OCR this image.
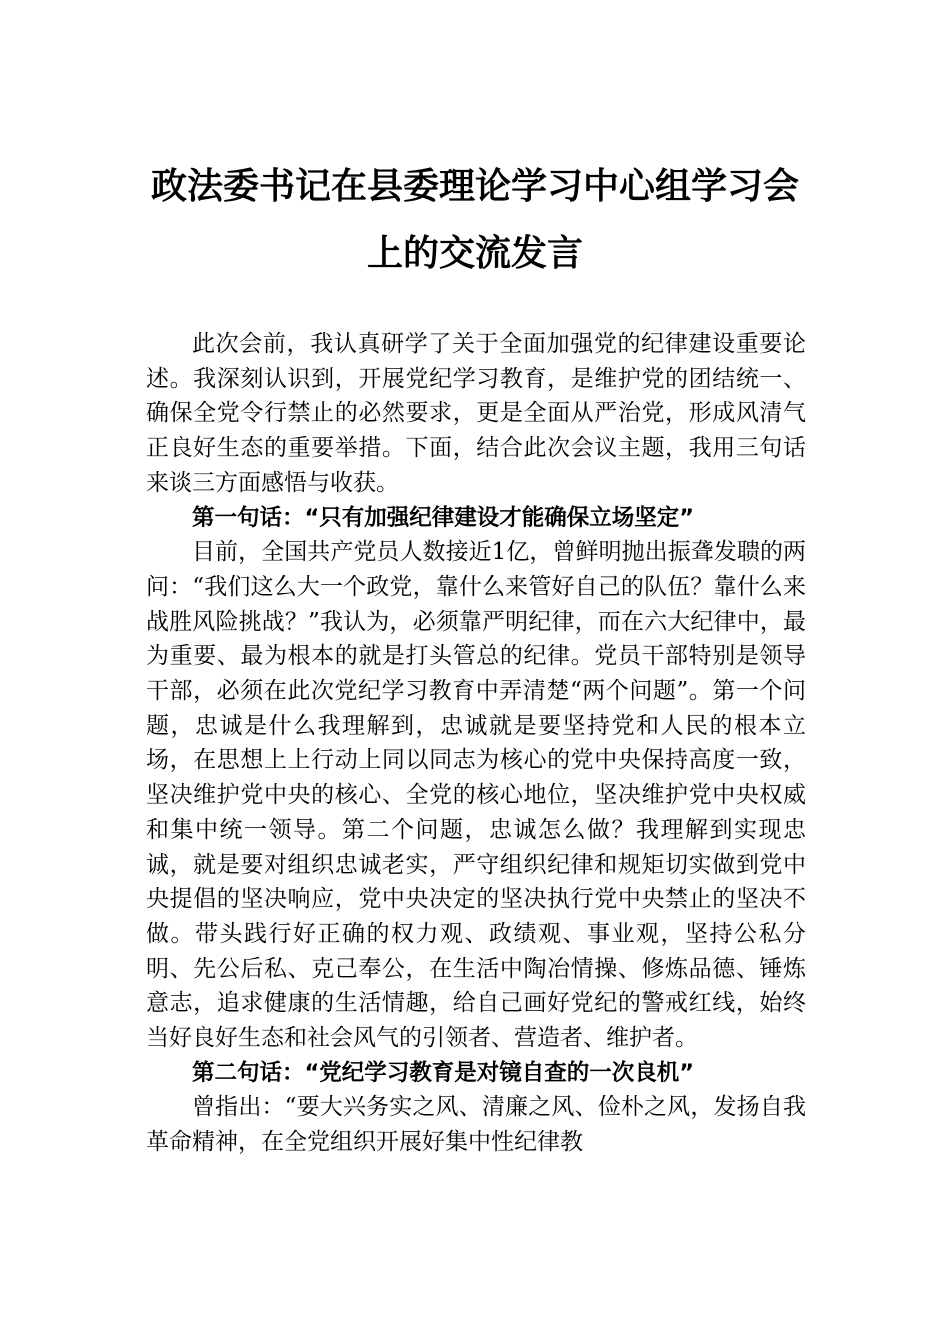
政法委书记在县委理论学习中心组学习会
上的交流发言

此次会前，我认真研学了关于全面加强党的纪律建设重要论述。我深刻认识到，开展党纪学习教育，是维护党的团结统一、确保全党令行禁止的必然要求，更是全面从严治党，形成风清气正良好生态的重要举措。下面，结合此次会议主题，我用三句话来谈三方面感悟与收获。

第一句话：“只有加强纪律建设才能确保立场坚定”

目前，全国共产党员人数接近1亿，曾鲜明抛出振聋发聩的两问：“我们这么大一个政党，靠什么来管好自己的队伍？靠什么来战胜风险挑战？”我认为，必须靠严明纪律，而在六大纪律中，最为重要、最为根本的就是打头管总的纪律。党员干部特别是领导干部，必须在此次党纪学习教育中弄清楚“两个问题”。第一个问题，忠诚是什么我理解到，忠诚就是要坚持党和人民的根本立场，在思想上上行动上同以同志为核心的党中央保持高度一致，坚决维护党中央的核心、全党的核心地位，坚决维护党中央权威和集中统一领导。第二个问题，忠诚怎么做？我理解到实现忠诚，就是要对组织忠诚老实，严守组织纪律和规矩切实做到党中央提倡的坚决响应，党中央决定的坚决执行党中央禁止的坚决不做。带头践行好正确的权力观、政绩观、事业观，坚持公私分明、先公后私、克己奉公，在生活中陶冶情操、修炼品德、锤炼意志，追求健康的生活情趣，给自己画好党纪的警戒红线，始终当好良好生态和社会风气的引领者、营造者、维护者。

第二句话：“党纪学习教育是对镜自查的一次良机”

曾指出：“要大兴务实之风、清廉之风、俭朴之风，发扬自我革命精神，在全党组织开展好集中性纪律教
